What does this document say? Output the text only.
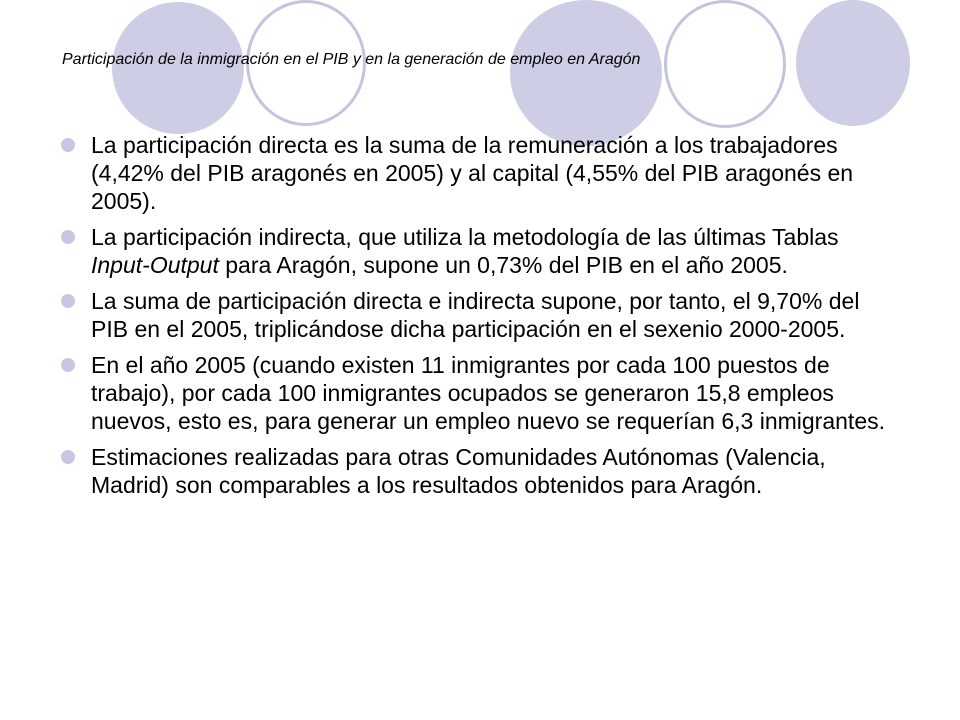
Participación de la inmigración en el PIB y en la generación de empleo en Aragón
La participación directa es la suma de la remuneración a los trabajadores (4,42% del PIB aragonés en 2005) y al capital (4,55% del PIB aragonés en 2005).
La participación indirecta, que utiliza la metodología de las últimas Tablas Input-Output para Aragón, supone un 0,73% del PIB en el año 2005.
La suma de participación directa e indirecta supone, por tanto, el 9,70% del PIB en el 2005, triplicándose dicha participación en el sexenio 2000-2005.
En el año 2005 (cuando existen 11 inmigrantes por cada 100 puestos de trabajo), por cada 100 inmigrantes ocupados se generaron 15,8 empleos nuevos, esto es, para generar un empleo nuevo se requerían 6,3 inmigrantes.
Estimaciones realizadas para otras Comunidades Autónomas (Valencia, Madrid) son comparables a los resultados obtenidos para Aragón.
